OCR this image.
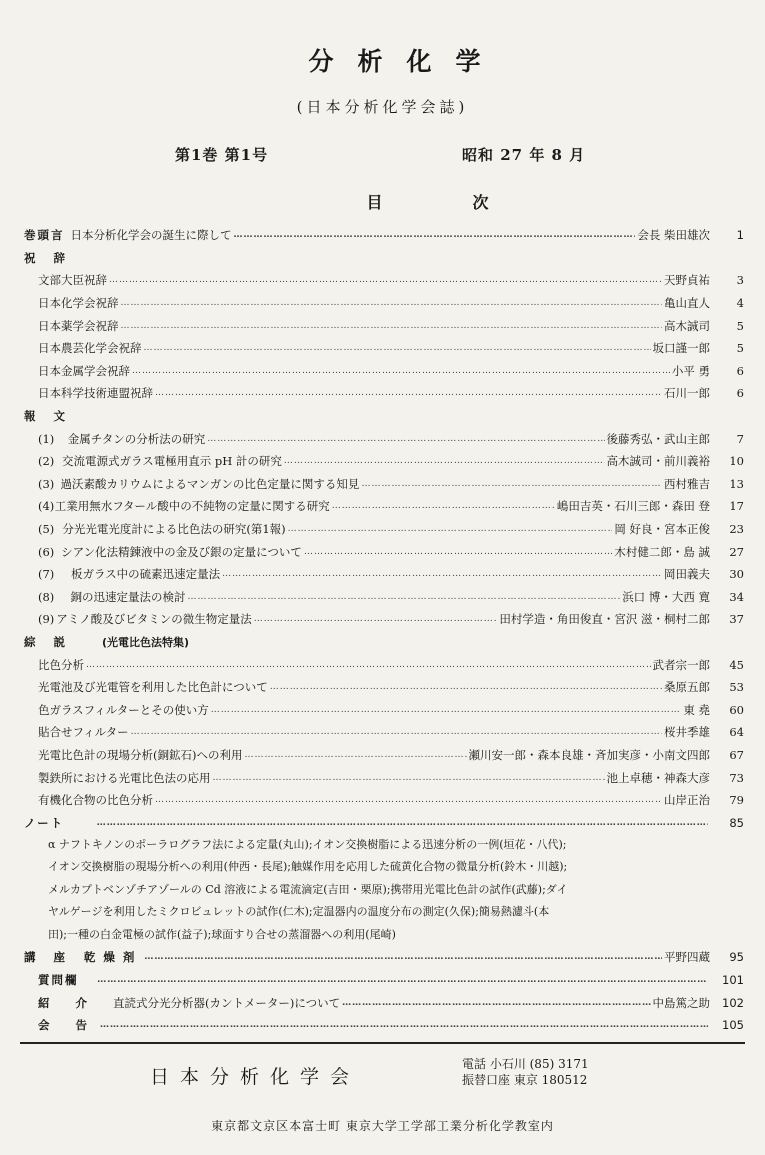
分析化学
(日本分析化学会誌)
第1巻 第1号	昭和 27 年 8 月
目次
巻頭言 日本分析化学会の誕生に際して …………………………………………………………………………………………………………………………………………………………………………	会長 柴田雄次	1
祝辞
文部大臣祝辞 …………………………………………………………………………………………………………………………………………………………………………	天野貞祐	3
日本化学会祝辞 …………………………………………………………………………………………………………………………………………………………………………	亀山直人	4
日本薬学会祝辞 …………………………………………………………………………………………………………………………………………………………………………	高木誠司	5
日本農芸化学会祝辞 …………………………………………………………………………………………………………………………………………………………………………	坂口謹一郎	5
日本金属学会祝辞 …………………………………………………………………………………………………………………………………………………………………………	小平 勇	6
日本科学技術連盟祝辞 …………………………………………………………………………………………………………………………………………………………………………	石川一郎	6
報文
(1)	金属チタンの分析法の研究 …………………………………………………………………………………………………………………………………………………………………………	後藤秀弘・武山主郎	7
(2) 交流電源式ガラス電極用直示 pH 計の研究 …………………………………………………………………………………………………………………………………………………………………………	高木誠司・前川義裕	10
(3) 過沃素酸カリウムによるマンガンの比色定量に関する知見 …………………………………………………………………………………………………………………………………………………………………………	西村雅吉	13
(4) 工業用無水フタール酸中の不純物の定量に関する研究 …………………………………………………………………………………………………………………………………………………………………………	嶋田吉英・石川三郎・森田 登	17
(5) 分光光電光度計による比色法の研究(第1報) …………………………………………………………………………………………………………………………………………………………………………	岡 好良・宮本正俊	23
(6) シアン化法精錬液中の金及び銀の定量について …………………………………………………………………………………………………………………………………………………………………………	木村健二郎・島 誠	27
(7)	板ガラス中の硫素迅速定量法 …………………………………………………………………………………………………………………………………………………………………………	岡田義夫	30
(8)	銅の迅速定量法の検討 …………………………………………………………………………………………………………………………………………………………………………	浜口 博・大西 寛	34
(9) アミノ酸及びビタミンの微生物定量法 …………………………………………………………………………………………………………………………………………………………………………	田村学造・角田俊直・宮沢 滋・桐村二郎	37
綜説	(光電比色法特集)
比色分析 …………………………………………………………………………………………………………………………………………………………………………	武者宗一郎	45
光電池及び光電管を利用した比色計について …………………………………………………………………………………………………………………………………………………………………………	桑原五郎	53
色ガラスフィルターとその使い方 …………………………………………………………………………………………………………………………………………………………………………	東 堯	60
貼合せフィルター …………………………………………………………………………………………………………………………………………………………………………	桜井季雄	64
光電比色計の現場分析(銅鉱石)への利用 …………………………………………………………………………………………………………………………………………………………………………	瀬川安一郎・森本良雄・斉加実彦・小南文四郎	67
製鉄所における光電比色法の応用 …………………………………………………………………………………………………………………………………………………………………………	池上卓穂・神森大彦	73
有機化合物の比色分析 …………………………………………………………………………………………………………………………………………………………………………	山岸正治	79
ノート …………………………………………………………………………………………………………………………………………………………………………	85
α ナフトキノンのポーラログラフ法による定量(丸山);イオン交換樹脂による迅速分析の一例(垣花・八代);
イオン交換樹脂の現場分析への利用(仲西・長尾);触媒作用を応用した硫黄化合物の微量分析(鈴木・川越);
メルカプトベンゾチアゾールの Cd 溶液による電流滴定(吉田・栗原);携帯用光電比色計の試作(武藤);ダイ
ヤルゲージを利用したミクロビュレットの試作(仁木);定温器内の温度分布の測定(久保);簡易熱濾斗(本
田);一種の白金電極の試作(益子);球面すり合せの蒸溜器への利用(尾崎)
講座 乾燥剤 …………………………………………………………………………………………………………………………………………………………………………	平野四蔵	95
質問欄 …………………………………………………………………………………………………………………………………………………………………………	101
紹介 直読式分光分析器(カントメーター)について …………………………………………………………………………………………………………………………………………………………………………	中島篤之助	102
会告 …………………………………………………………………………………………………………………………………………………………………………	105
日本分析化学会
電話 小石川 (85) 3171
振替口座 東京 180512
東京都文京区本富士町 東京大学工学部工業分析化学教室内
